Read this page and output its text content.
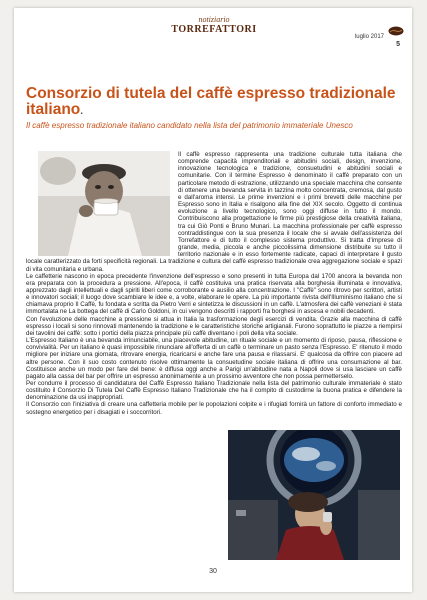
notiziario
TORREFATTORI
luglio 2017
5
Consorzio di tutela del caffè espresso tradizionale italiano.

Il caffè espresso tradizionale italiano candidato nella lista del patrimonio immateriale Unesco

Il caffè espresso rappresenta una tradizione culturale tutta italiana che comprende capacità imprenditoriali e abitudini sociali, design, invenzione, innovazione tecnologica e tradizione, consuetudini e abitudini sociali e comunitarie. Con il termine Espresso è denominato il caffè preparato con un particolare metodo di estrazione, utilizzando una speciale macchina che consente di ottenere una bevanda servita in tazzina molto concentrata, cremosa, dal gusto e dall'aroma intensi. Le prime invenzioni e i primi brevetti delle macchine per Espresso sono in Italia e risalgono alla fine del XIX secolo. Oggetto di continua evoluzione a livello tecnologico, sono oggi diffuse in tutto il mondo. Contribuiscono alla progettazione le firme più prestigiose della creatività italiana, tra cui Giò Ponti e Bruno Munari. La macchina professionale per caffè espresso contraddistingue con la sua presenza il locale che si avvale dell'assistenza del Torrefattore e di tutto il complesso sistema produttivo. Si tratta d'imprese di grande, media, piccola e anche piccolissima dimensione distribuite su tutto il territorio nazionale e in esso fortemente radicate, capaci di interpretare il gusto locale caratterizzato da forti specificità regionali. La tradizione e cultura del caffè espresso tradizionale crea aggregazione sociale e spazi di vita comunitaria e urbana.

Le caffetterie nascono in epoca precedente l'invenzione dell'espresso e sono presenti in tutta Europa dal 1700 ancora la bevanda non era preparata con la procedura a pressione. All'epoca, il caffè costituiva una pratica riservata alla borghesia illuminata e innovativa, apprezzato dagli intellettuali e dagli spiriti liberi come corroborante e ausilio alla concentrazione. I "Caffè" sono ritrovo per scrittori, artisti e innovatori sociali; il luogo dove scambiare le idee e, a volte, elaborare le opere. La più importante rivista dell'Illuminismo italiano che si chiamava proprio Il Caffè, fu fondata e scritta da Pietro Verri e sintetizza le discussioni in un caffè. L'atmosfera dei caffè veneziani è stata immortalata ne La bottega del caffè di Carlo Goldoni, in cui vengono descritti i rapporti fra borghesi in ascesa e nobili decadenti.

Con l'evoluzione delle macchine a pressione si attua in Italia la trasformazione degli esercizi di vendita. Grazie alla macchina di caffè espresso i locali si sono rinnovati mantenendo la tradizione e le caratteristiche storiche artigianali. Furono soprattutto le piazze a riempirsi dei tavolini dei caffè: sotto i portici della piazza principale più caffè diventano i poli della vita sociale.

L'Espresso Italiano è una bevanda irrinunciabile, una piacevole abitudine, un rituale sociale e un momento di riposo, pausa, riflessione e convivialità. Per un italiano è quasi impossibile rinunciare all'offerta di un caffè o terminare un pasto senza l'Espresso. E' ritenuto il modo migliore per iniziare una giornata, ritrovare energia, ricaricarsi e anche fare una pausa e rilassarsi. E' qualcosa da offrire con piacere ad altre persone. Con il suo costo contenuto risolve ottimamente la consuetudine sociale italiana di offrire una consumazione al bar. Costituisce anche un modo per fare del bene: è diffusa oggi anche a Parigi un'abitudine nata a Napoli dove si usa lasciare un caffè pagato alla cassa del bar per offrire un espresso anonimamente a un prossimo avventore che non possa permetterselo.

Per condurre il processo di candidatura del Caffè Espresso Italiano Tradizionale nella lista del patrimonio culturale immateriale è stato costituito il Consorzio Di Tutela Del Caffè Espresso Italiano Tradizionale che ha il compito di custodirne la buona pratica e difendere la denominazione da usi inappropriati.

Il Consorzio con l'iniziativa di creare una caffetteria mobile per le popolazioni colpite e i rifugiati fornirà un fattore di conforto immediato e sostegno energetico per i disagiati e i soccorritori.

30
